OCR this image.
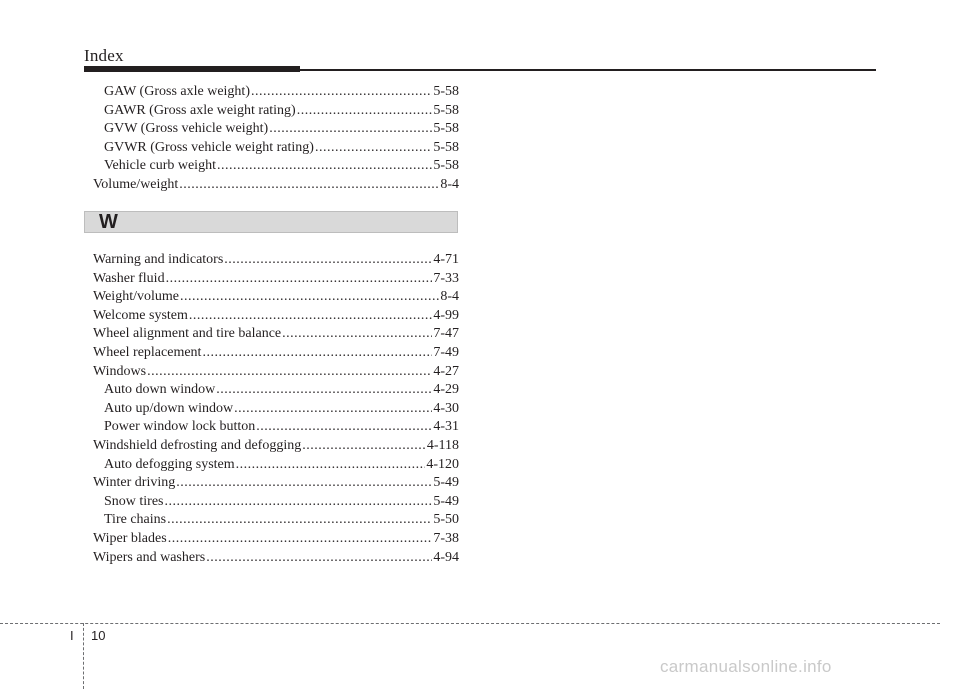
Index
GAW (Gross axle weight) .....	5-58
GAWR (Gross axle weight rating) .....	5-58
GVW (Gross vehicle weight) .....	5-58
GVWR (Gross vehicle weight rating) .....	5-58
Vehicle curb weight .....	5-58
Volume/weight .....	8-4
W
Warning and indicators .....	4-71
Washer fluid .....	7-33
Weight/volume .....	8-4
Welcome system .....	4-99
Wheel alignment and tire balance .....	7-47
Wheel replacement .....	7-49
Windows .....	4-27
Auto down window .....	4-29
Auto up/down window .....	4-30
Power window lock button .....	4-31
Windshield defrosting and defogging .....	4-118
Auto defogging system .....	4-120
Winter driving .....	5-49
Snow tires .....	5-49
Tire chains .....	5-50
Wiper blades .....	7-38
Wipers and washers .....	4-94
I 10
carmanualsonline.info
